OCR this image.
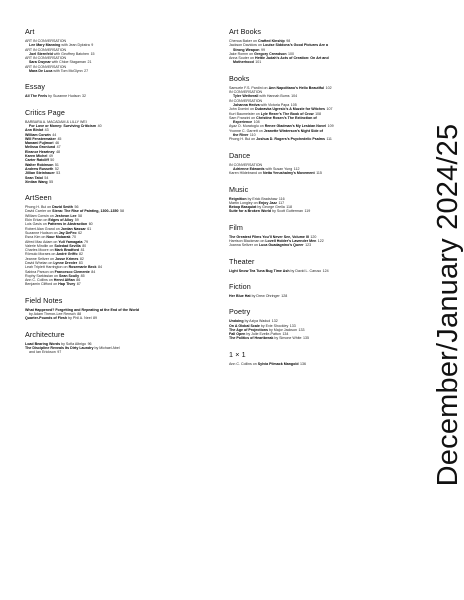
Art
ART IN CONVERSATION
Lee Mary Manning with Jean Dykstra 9
ART IN CONVERSATION
Joel Sternfeld with Geoffrey Batchen 15
ART IN CONVERSATION
Sara Cwynar with Chloe Stagaman 21
ART IN CONVERSATION
Mara De Luca with Tom McGlynn 27
Essay
All The Feels by Suzanne Hudson 32
Critics Page
BARBARA A. MACADAM & LILLY WEI
For Love or Money: Surviving Criticism 40
Ann Binlot 43
William Corwin 44
Will Fenstermaker 45
Manami Fujimori 46
Melissa Gronlund 47
Eleanor Heartney 48
Karen Michel 49
Carter Ratcliff 50
Walter Robinson 51
Andrew Russeth 52
Jillian Steinhauer 53
Sean Tatol 54
Xintian Wang 55
ArtSeen
Phong H. Bui on David Smith 56
David Carrier on Siena: The Rise of Painting, 1300–1350 58
William Corwin on Jesheon Lee 58
Ekin Erkan on Edges of Alloy 59
Lois Gavis on Patterns in Abstraction 60
Robert Alan Grand on Jordan Nassar 61
Suzanne Hudson on Jay DeFeo 62
Esna Kim on Nour Mobarak 70
Alfred Mac Adam on Yuli Yamagata 79
Valerie Mindlin on Soledad Sevilla 80
Charles Moore on Mark Bradford 81
Rômulo Moraes on André Griffo 82
Jeanne Seltzer on Josse Krimes 82
David Whelan on Lynne Drexler 83
Leah Triplett Harrington on Rosemarie Beck 84
Sabina Parson on Francesco Clemente 84
Rophy Sarkissian on Sean Scully 85
Ann C. Collins on Henni Alftan 86
Benjamin Clifford on Hap Tivey 87
Field Notes
What Happened? Forgetting and Repeating at the End of the World
by Adam Theron-Lee Rensch 88
Quarter-Pounds of Flesh by Phil A. Neel 89
Architecture
Load Bearing Words by Sofia Albrigo 96
The Discipline Reveals Its Dirty Laundry by Michael Abel
and Ian Erickson 97
Art Books
Chenoa Baker on Crafted Kinship 98
Jackson Davidow on Louise Siddons’s Good Pictures Are a
Strong Weapon 99
Jake Romm on Gregory Crewdson 100
Anna Souter on Hettie Judah’s Acts of Creation: On Art and
Motherhood 101
Books
Samuele F.S. Pardini on Ann Napolitano’s Hello Beautiful 102
IN CONVERSATION
Tyler Wetherall with Hannah Bums 104
IN CONVERSATION
Johanna Hedva with Victoria Papa 105
John Domini on Dubravka Ugresic’s A Muzzle for Witches 107
Kurt Baumeister on Lyle Rexer’s The Book of Crow 108
Sam Franzini on Christine Rosen’s The Extinction of
Experience 108
Ayaz O. Muratoglu on Renee Gladman’s My Lesbian Novel 109
Yvonne C. Garrett on Jeanette Winterson’s Night Side of
the River 110
Phong H. Bui on Joshua D. Rogers’s Psychedelic Psalms 111
Dance
IN CONVERSATION
Adrienne Edwards with Susan Yung 112
Karen Hildebrand on Netta Yerushalmy’s Movement 115
Music
Reignition by Erick Bradshaw 116
Martin Longley on Enjoy Jazz 117
Bebop Basquiat by George Grella 118
Suite for a Broken World by Scott Gutterman 119
Film
The Greatest Films You’ll Never See, Volume III 120
Harrison Blackman on Lovell Holder’s Lavender Men 122
Joanna Seltzer on Luca Guadagnino’s Queer 123
Theater
Light Snow Tea Tuna Bug Time Ash by David L. Caruso 124
Fiction
Her Blue Hat by Drew Ohringer 128
Poetry
Undoing by Aziya Wadud 132
On A Global Scale by Evie Shockley 133
The Age of Projections by Major Jackson 133
Fall Open by Julie Ezelle-Patton 134
The Politics of Heartbreak by Simone White 135
1 × 1
Ann C. Collins on Sylvia Plimack Mangold 136	December/January 2024/25
